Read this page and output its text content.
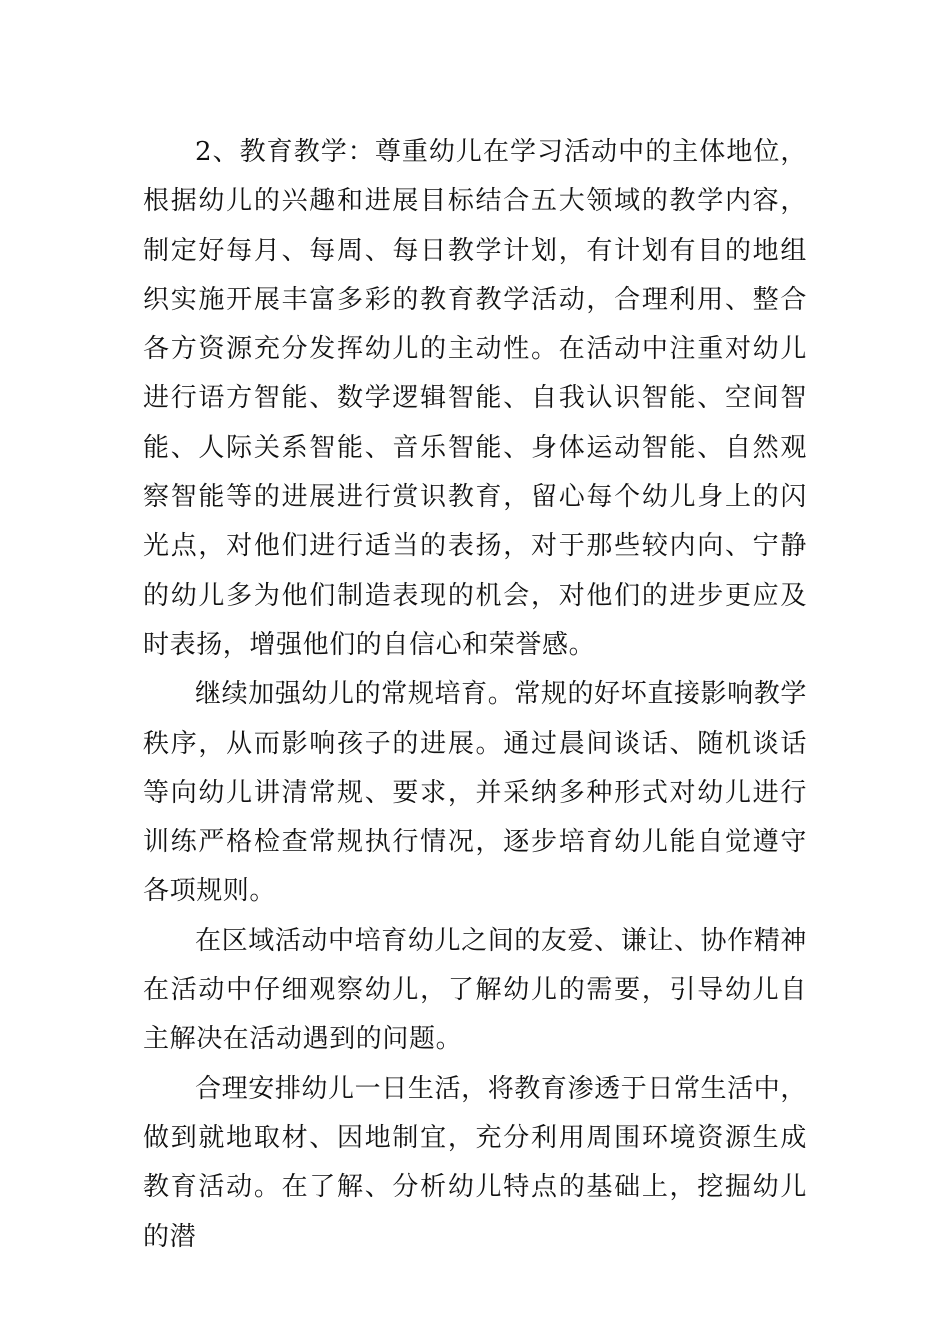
2、教育教学：尊重幼儿在学习活动中的主体地位，根据幼儿的兴趣和进展目标结合五大领域的教学内容，制定好每月、每周、每日教学计划，有计划有目的地组织实施开展丰富多彩的教育教学活动，合理利用、整合各方资源充分发挥幼儿的主动性。在活动中注重对幼儿进行语方智能、数学逻辑智能、自我认识智能、空间智能、人际关系智能、音乐智能、身体运动智能、自然观察智能等的进展进行赏识教育，留心每个幼儿身上的闪光点，对他们进行适当的表扬，对于那些较内向、宁静的幼儿多为他们制造表现的机会，对他们的进步更应及时表扬，增强他们的自信心和荣誉感。

继续加强幼儿的常规培育。常规的好坏直接影响教学秩序，从而影响孩子的进展。通过晨间谈话、随机谈话等向幼儿讲清常规、要求，并采纳多种形式对幼儿进行训练严格检查常规执行情况，逐步培育幼儿能自觉遵守各项规则。

在区域活动中培育幼儿之间的友爱、谦让、协作精神在活动中仔细观察幼儿，了解幼儿的需要，引导幼儿自主解决在活动遇到的问题。

合理安排幼儿一日生活，将教育渗透于日常生活中，做到就地取材、因地制宜，充分利用周围环境资源生成教育活动。在了解、分析幼儿特点的基础上，挖掘幼儿的潜
